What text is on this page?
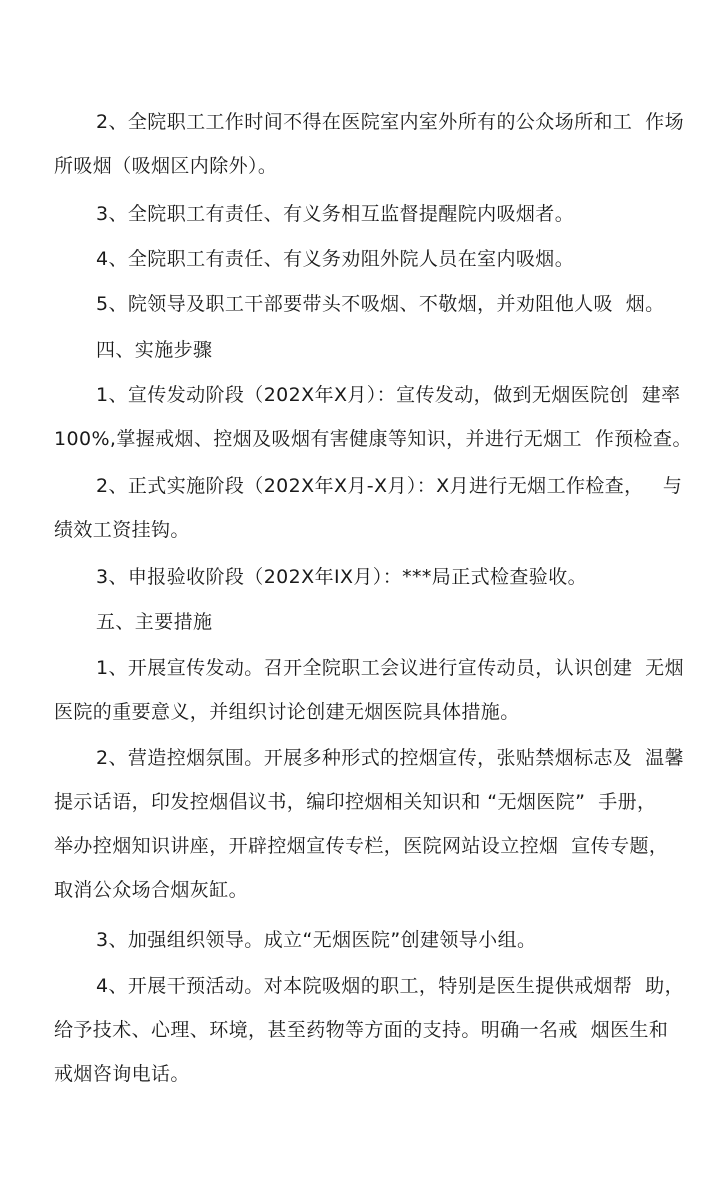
2、全院职工工作时间不得在医院室内室外所有的公众场所和工  作场
所吸烟（吸烟区内除外）。
3、全院职工有责任、有义务相互监督提醒院内吸烟者。
4、全院职工有责任、有义务劝阻外院人员在室内吸烟。
5、院领导及职工干部要带头不吸烟、不敬烟，并劝阻他人吸  烟。
四、实施步骤
1、宣传发动阶段（202X年X月）：宣传发动，做到无烟医院创  建率
100%,掌握戒烟、控烟及吸烟有害健康等知识，并进行无烟工  作预检查。
2、正式实施阶段（202X年X月-X月）：X月进行无烟工作检查，   与
绩效工资挂钩。
3、申报验收阶段（202X年IX月）：***局正式检查验收。
五、主要措施
1、开展宣传发动。召开全院职工会议进行宣传动员，认识创建  无烟
医院的重要意义，并组织讨论创建无烟医院具体措施。
2、营造控烟氛围。开展多种形式的控烟宣传，张贴禁烟标志及  温馨
提示话语，印发控烟倡议书，编印控烟相关知识和 “无烟医院”  手册，
举办控烟知识讲座，开辟控烟宣传专栏，医院网站设立控烟  宣传专题，
取消公众场合烟灰缸。
3、加强组织领导。成立“无烟医院”创建领导小组。
4、开展干预活动。对本院吸烟的职工，特别是医生提供戒烟帮  助，
给予技术、心理、环境，甚至药物等方面的支持。明确一名戒  烟医生和
戒烟咨询电话。
